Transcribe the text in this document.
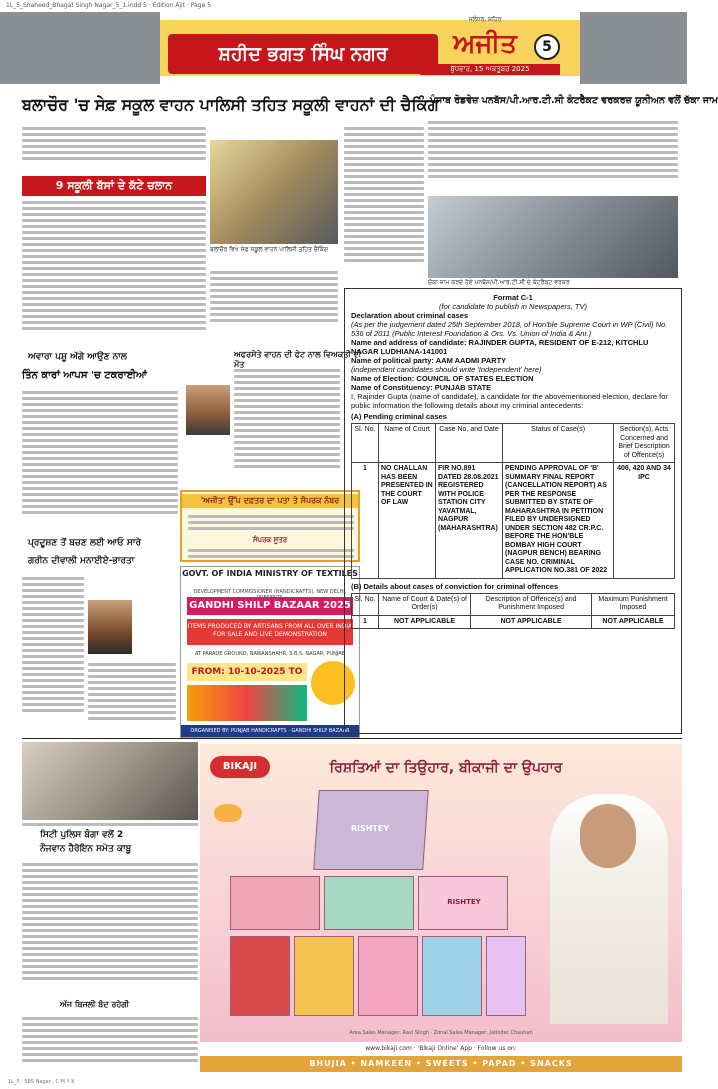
1L_5_Shaheed_Bhagat Singh Nagar_5_1.indd 5 · Edition Ajit · Page 5
ਸ਼ਹੀਦ ਭਗਤ ਸਿੰਘ ਨਗਰ
ਜਲੰਧਰ, ਸ਼ਹਿਰ
ਅਜੀਤ	5
ਬੁੱਧਵਾਰ, 15 ਅਕਤੂਬਰ 2025
ਬਲਾਚੌਰ 'ਚ ਸੇਫ਼ ਸਕੂਲ ਵਾਹਨ ਪਾਲਿਸੀ ਤਹਿਤ ਸਕੂਲੀ ਵਾਹਨਾਂ ਦੀ ਚੈਕਿੰਗ
ਪੰਜਾਬ ਰੋਡਵੇਜ਼ ਪਨਬੱਸ/ਪੀ.ਆਰ.ਟੀ.ਸੀ ਕੰਟਰੈਕਟ ਵਰਕਰਜ਼ ਯੂਨੀਅਨ ਵਲੋਂ ਚੱਕਾ ਜਾਮ
9 ਸਕੂਲੀ ਬੱਸਾਂ ਦੇ ਕੱਟੇ ਚਲਾਨ
ਬਲਾਚੌਰ ਵਿਖੇ ਸੇਫ਼ ਸਕੂਲ ਵਾਹਨ ਪਾਲਿਸੀ ਤਹਿਤ ਚੈਕਿੰਗ
ਚੱਕਾ ਜਾਮ ਕਰਦੇ ਹੋਏ ਪਨਬੱਸ/ਪੀ.ਆਰ.ਟੀ.ਸੀ ਦੇ ਕੰਟਰੈਕਟ ਵਰਕਰ
ਅਵਾਰਾ ਪਸ਼ੂ ਅੱਗੇ ਆਉਣ ਨਾਲ
ਤਿੰਨ ਕਾਰਾਂ ਆਪਸ 'ਚ ਟਕਰਾਈਆਂ
ਅਫਰਸੋਤੇ ਵਾਹਨ ਦੀ ਫੇਟ ਨਾਲ ਵਿਅਕਤੀ ਦੀ ਮੌਤ
'ਅਜੀਤ' ਉੱਪ ਦਫ਼ਤਰ ਦਾ ਪਤਾ ਤੇ ਸੰਪਰਕ ਨੰਬਰ
ਸੰਪਰਕ ਸੂਤਰ
GOVT. OF INDIA MINISTRY OF TEXTILES
DEVELOPMENT COMMISSIONER (HANDICRAFTS), NEW DELHI,
GANDHI SHILP BAZAAR 2025
ITEMS PRODUCED BY ARTISANS FROM ALL OVER INDIA FOR SALE AND LIVE DEMONSTRATION
AT PARADE GROUND, NAWANSHAHR, S.B.S. NAGAR, PUNJAB
FROM: 10-10-2025 TO
ORGANISED BY: PUNJAB HANDICRAFTS · GANDHI SHILP BAZAAR
ਪ੍ਰਦੂਸ਼ਣ ਤੋਂ ਬਚਣ ਲਈ ਆਓ ਸਾਰੇ
ਗਰੀਨ ਦੀਵਾਲੀ ਮਨਾਈਏ-ਭਾਰਤਾ
Format C-1
(for candidate to publish in Newspapers, TV)
Declaration about criminal cases
(As per the judgement dated 25th September 2018, of Hon'ble Supreme Court in WP (Civil) No. 536 of 2011 (Public Interest Foundation & Ors. Vs. Union of India & Anr.)
Name and address of candidate: RAJINDER GUPTA, RESIDENT OF E-212, KITCHLU NAGAR LUDHIANA-141001
Name of political party: AAM AADMI PARTY
(independent candidates should write 'Independent' here)
Name of Election: COUNCIL OF STATES ELECTION
Name of Constituency: PUNJAB STATE
I, Rajinder Gupta (name of candidate), a candidate for the abovementioned election, declare for public information the following details about my criminal antecedents:
(A) Pending criminal cases
Sl. No.	Name of Court	Case No. and Date	Status of Case(s)	Section(s), Acts Concerned and Brief Description of Offence(s)
1	NO CHALLAN HAS BEEN PRESENTED IN THE COURT OF LAW	FIR NO.891 DATED 28.08.2021 REGISTERED WITH POLICE STATION CITY YAVATMAL, NAGPUR (MAHARASHTRA)	PENDING APPROVAL OF 'B' SUMMARY FINAL REPORT (CANCELLATION REPORT) AS PER THE RESPONSE SUBMITTED BY STATE OF MAHARASHTRA IN PETITION FILED BY UNDERSIGNED UNDER SECTION 482 CR.P.C. BEFORE THE HON'BLE BOMBAY HIGH COURT (NAGPUR BENCH) BEARING CASE NO. CRIMINAL APPLICATION NO.381 OF 2022	406, 420 AND 34 IPC
(B) Details about cases of conviction for criminal offences
Sl. No.	Name of Court & Date(s) of Order(s)	Description of Offence(s) and Punishment Imposed	Maximum Punishment Imposed
1	NOT APPLICABLE	NOT APPLICABLE	NOT APPLICABLE
ਸਿਟੀ ਪੁਲਿਸ ਬੰਗਾ ਵਲੋਂ 2
ਨੌਜਵਾਨ ਹੈਰੋਇਨ ਸਮੇਤ ਕਾਬੂ
ਅੱਜ ਬਿਜਲੀ ਬੰਦ ਰਹੇਗੀ
BIKAJI	ਰਿਸ਼ਤਿਆਂ ਦਾ ਤਿਉਹਾਰ, ਬੀਕਾਜੀ ਦਾ ਉਪਹਾਰ
RISHTEY
RISHTEY
Area Sales Manager: Ravi Singh · Zonal Sales Manager: Jatinder Chauhan
www.bikaji.com · 'Bikaji Online' App · Follow us on:
BHUJIA • NAMKEEN • SWEETS • PAPAD • SNACKS
1L_5 · SBS Nagar · C M Y K
